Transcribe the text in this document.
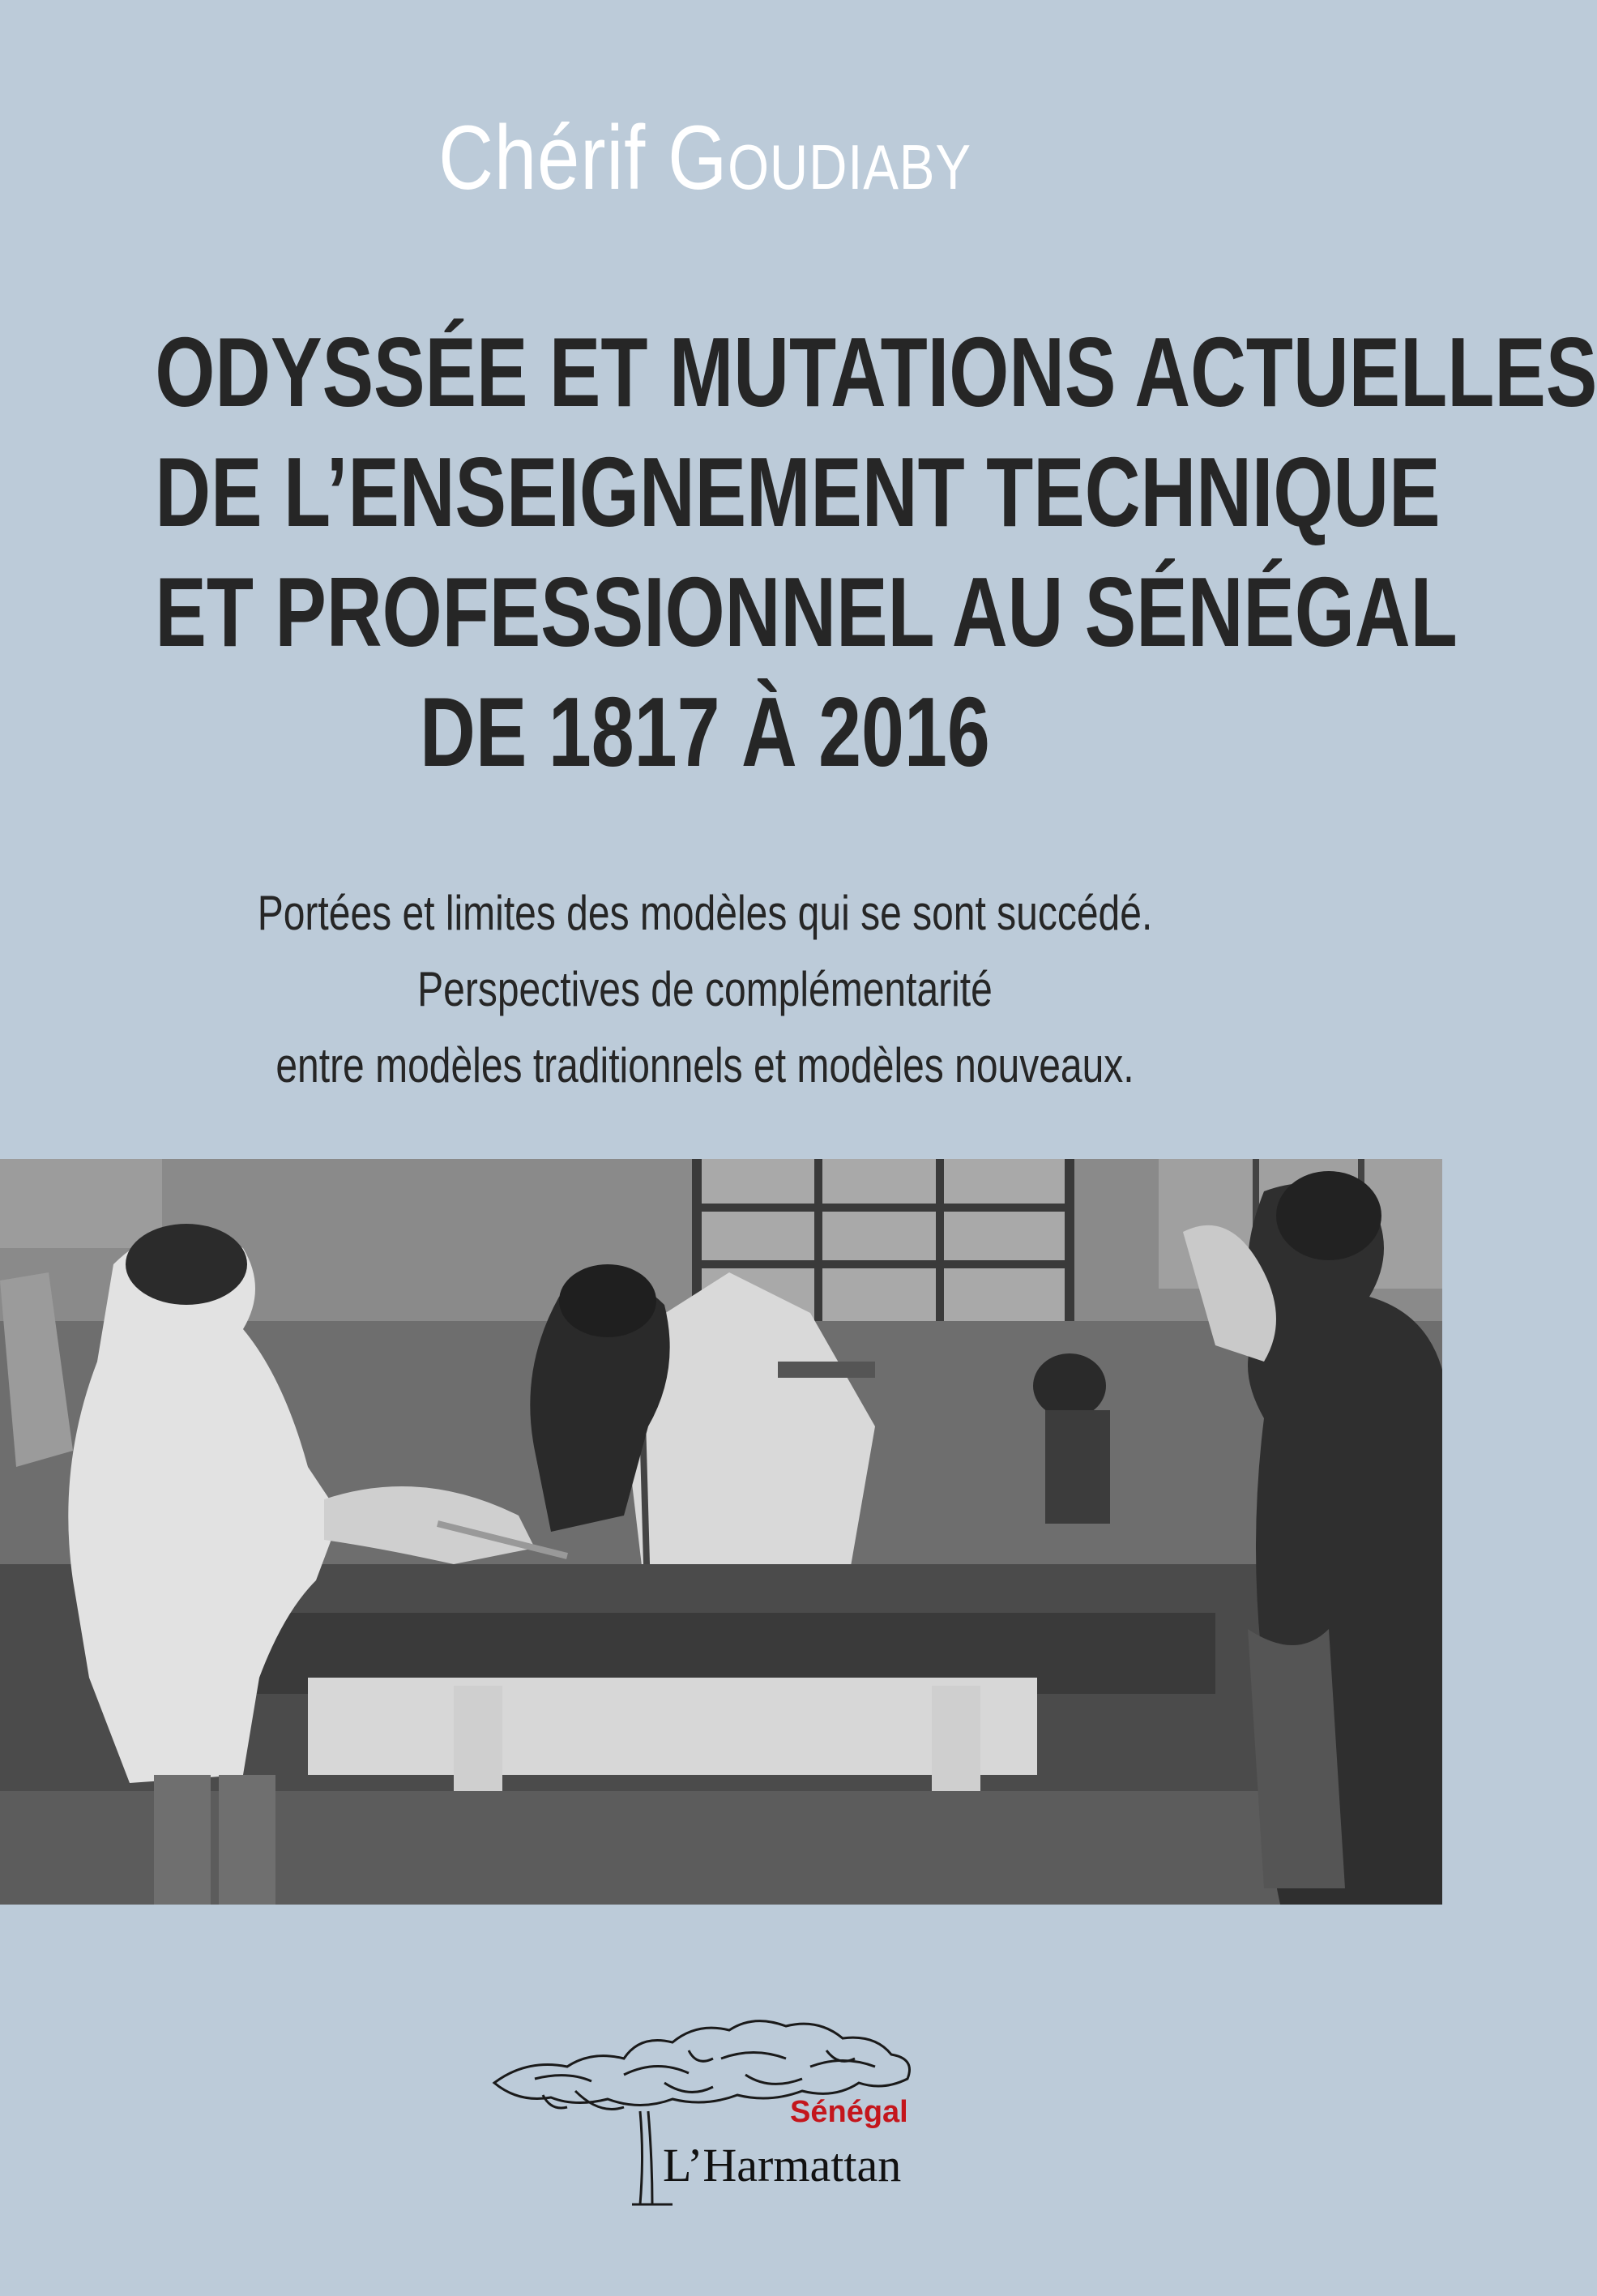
Chérif Goudiaby
ODYSSÉE ET MUTATIONS ACTUELLES
DE L’ENSEIGNEMENT TECHNIQUE
ET PROFESSIONNEL AU SÉNÉGAL
DE 1817 À 2016
Portées et limites des modèles qui se sont succédé.
Perspectives de complémentarité
entre modèles traditionnels et modèles nouveaux.
Sénégal
L’Harmattan
